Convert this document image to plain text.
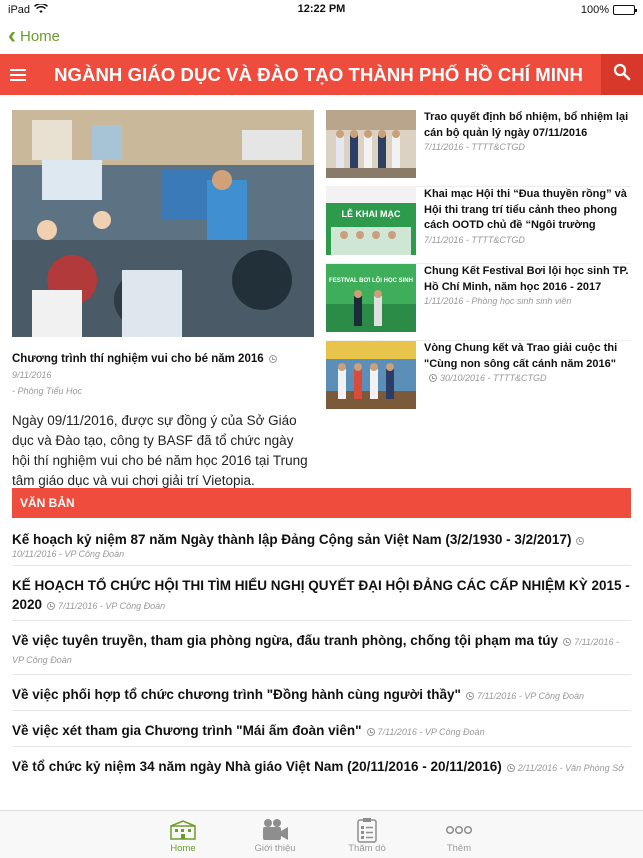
iPad	12:22 PM	100%
‹ Home
NGÀNH GIÁO DỤC VÀ ĐÀO TẠO THÀNH PHỐ HỒ CHÍ MINH
Chương trình thí nghiệm vui cho bé năm 20169/11/2016
- Phòng Tiểu Học
Ngày 09/11/2016, được sự đồng ý của Sở Giáo dục và Đào tạo, công ty BASF đã tổ chức ngày hội thí nghiệm vui cho bé năm học 2016 tại Trung tâm giáo dục và vui chơi giải trí Vietopia.
Trao quyết định bổ nhiệm, bổ nhiệm lại cán bộ quản lý ngày 07/11/2016
7/11/2016 - TTTT&CTGD
LỄ KHAI MẠC
Khai mạc Hội thi “Đua thuyền rồng” và Hội thi trang trí tiểu cảnh theo phong cách OOTD chủ đề “Ngôi trường
7/11/2016 - TTTT&CTGD
FESTIVAL BƠI LỘI HỌC SINH
Chung Kết Festival Bơi lội học sinh TP. Hồ Chí Minh, năm học 2016 - 2017
1/11/2016 - Phòng học sinh sinh viên
Vòng Chung kết và Trao giải cuộc thi "Cùng non sông cất cánh năm 2016"
30/10/2016 - TTTT&CTGD
VĂN BẢN
Kế hoạch kỷ niệm 87 năm Ngày thành lập Đảng Cộng sản Việt Nam (3/2/1930 - 3/2/2017)
10/11/2016 - VP Công Đoàn
KẾ HOẠCH TỔ CHỨC HỘI THI TÌM HIỂU NGHỊ QUYẾT ĐẠI HỘI ĐẢNG CÁC CẤP NHIỆM KỲ 2015 - 2020 7/11/2016 - VP Công Đoàn
Về việc tuyên truyền, tham gia phòng ngừa, đấu tranh phòng, chống tội phạm ma túy 7/11/2016 - VP Công Đoàn
Về việc phối hợp tổ chức chương trình "Đồng hành cùng người thầy" 7/11/2016 - VP Công Đoàn
Về việc xét tham gia Chương trình "Mái ấm đoàn viên" 7/11/2016 - VP Công Đoàn
Về tổ chức kỷ niệm 34 năm ngày Nhà giáo Việt Nam (20/11/2016 - 20/11/2016) 2/11/2016 - Văn Phòng Sở
Home	Giới thiệu	Thăm dò	Thêm
